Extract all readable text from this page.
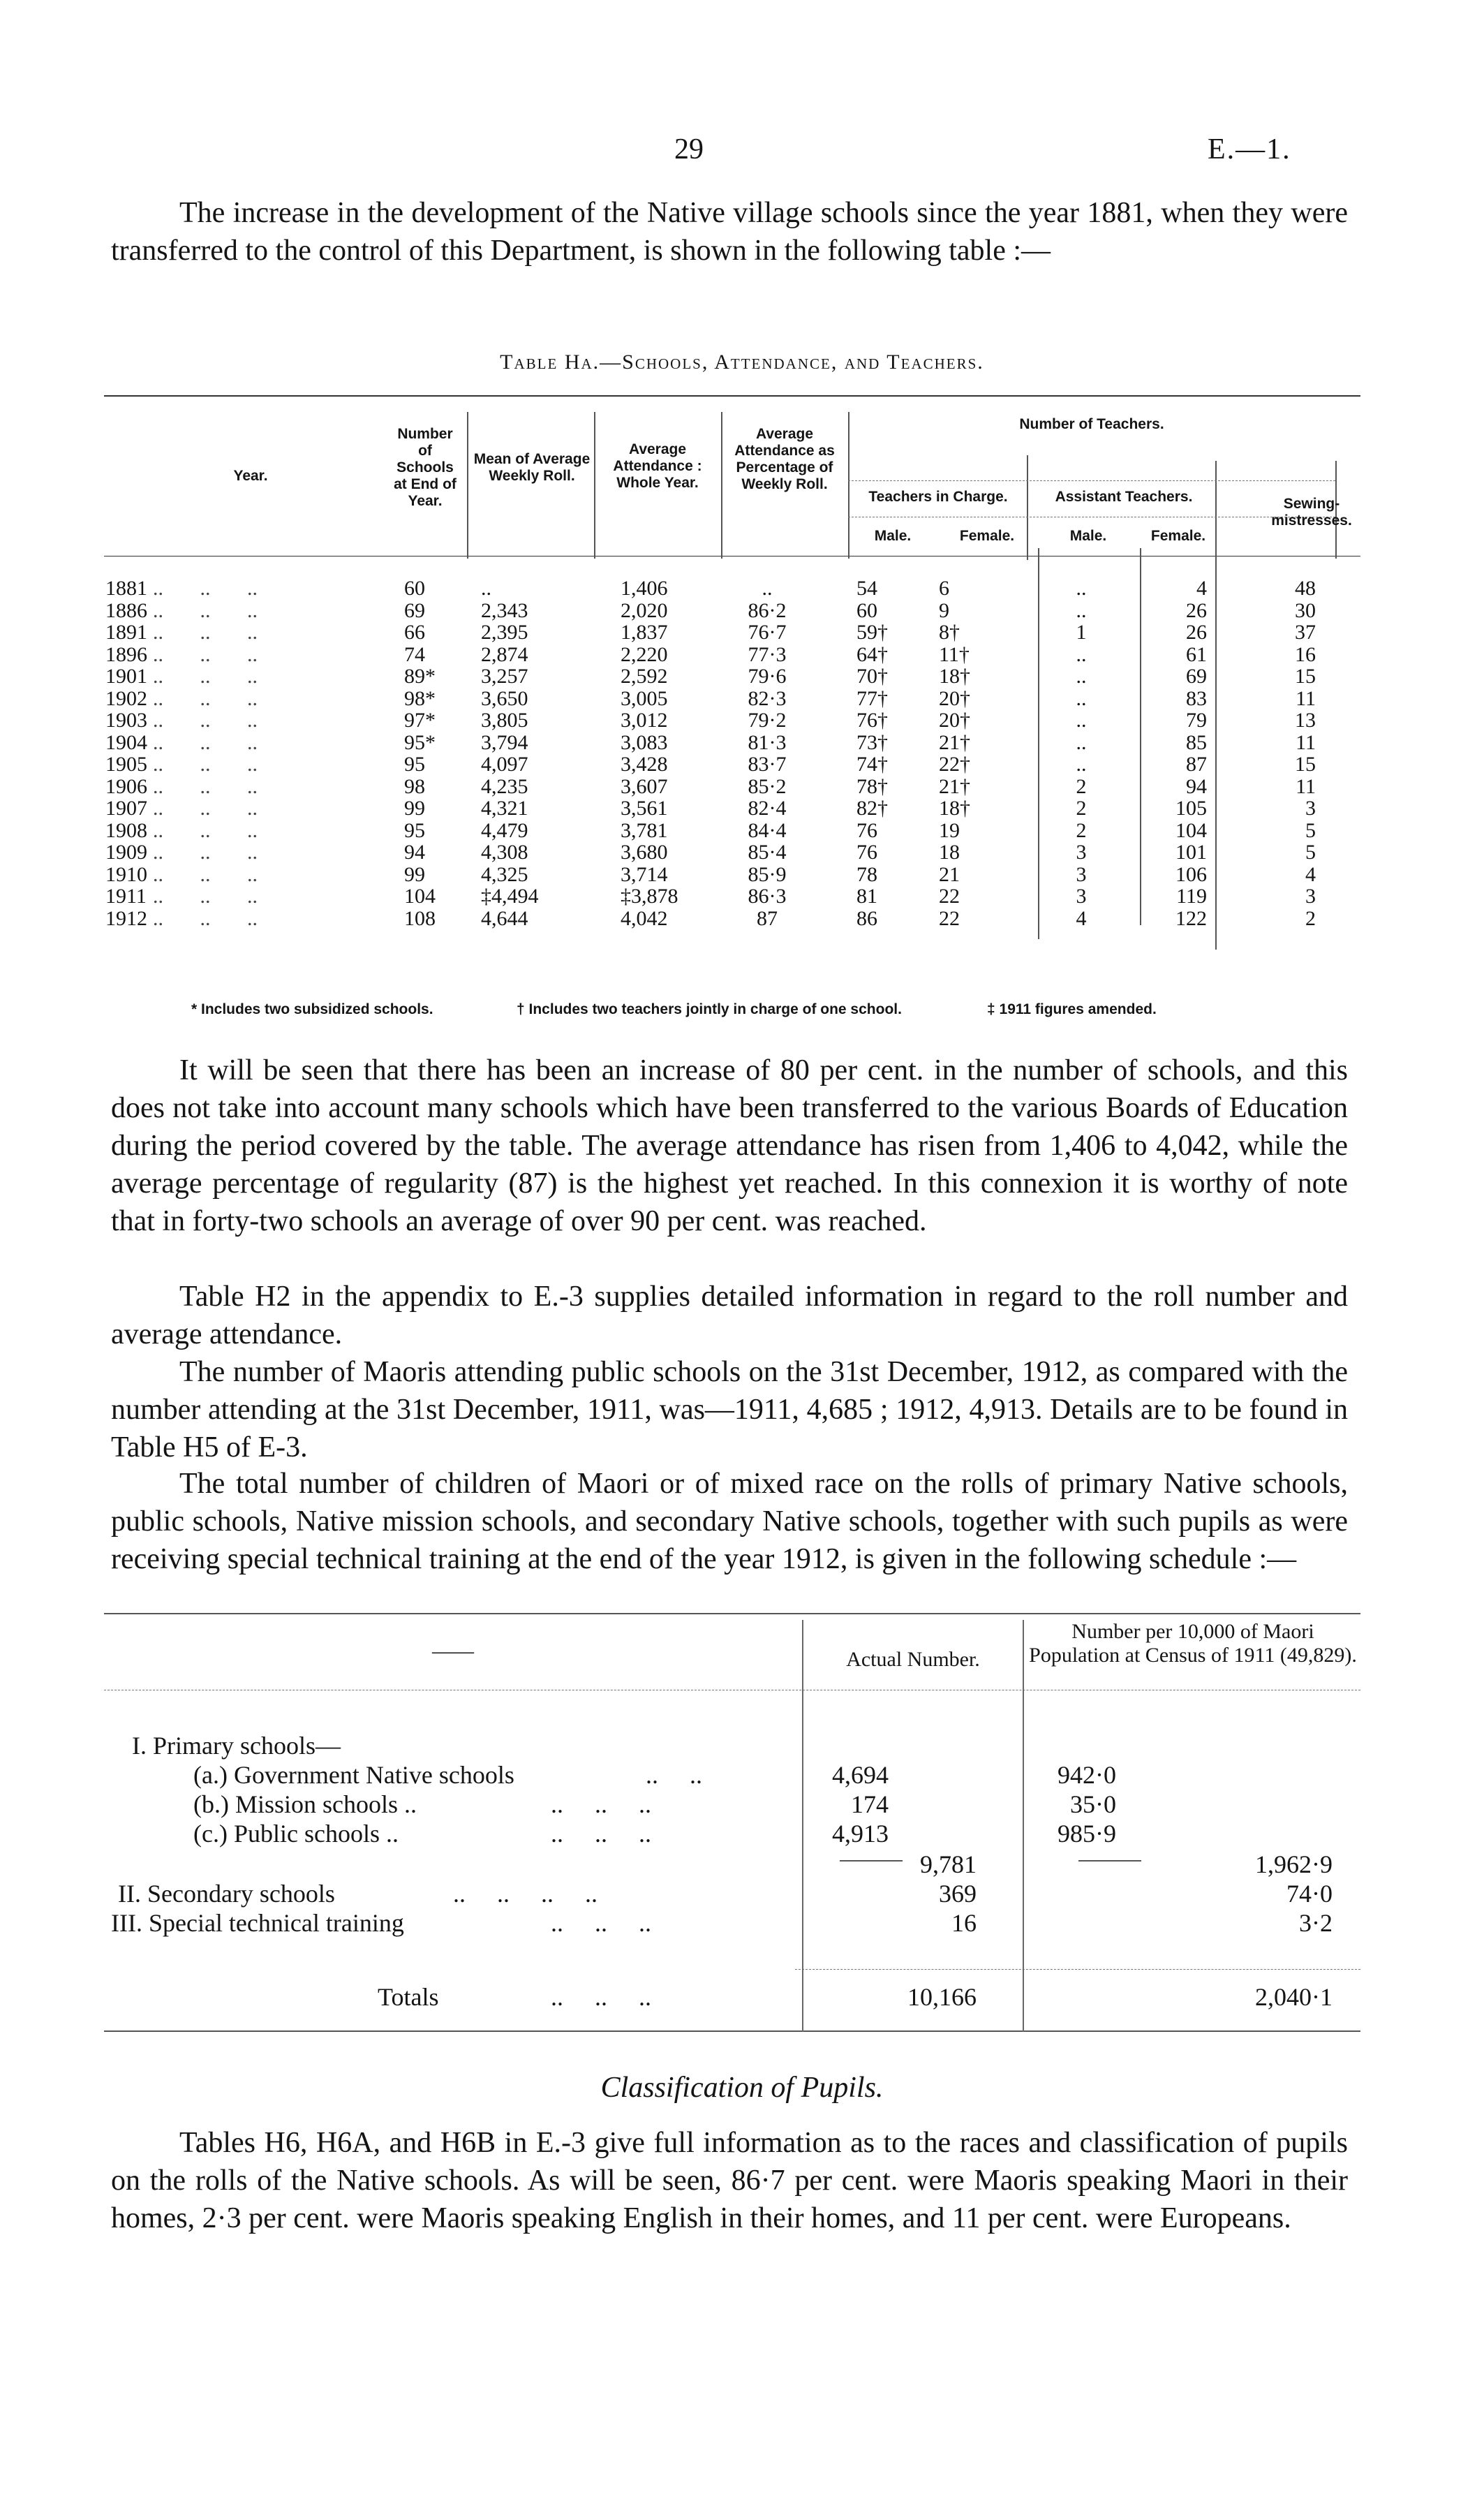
29	E.—1.

The increase in the development of the Native village schools since the year 1881, when they were transferred to the control of this Department, is shown in the following table :—

Table Ha.—Schools, Attendance, and Teachers.
Year.
Number of Schools at End of Year.
Mean of Average Weekly Roll.
Average Attendance : Whole Year.
Average Attendance as Percentage of Weekly Roll.
Number of Teachers.
Teachers in Charge.	Assistant Teachers.
Male.	Female.	Male.	Female.
Sewing-mistresses.
1881	60	..	1,406	..	54	6	..	4	48
..       ..       ..
1886	69	2,343	2,020	86·2	60	9	..	26	30
..       ..       ..
1891	66	2,395	1,837	76·7	59†	8†	1	26	37
..       ..       ..
1896	74	2,874	2,220	77·3	64†	11†	..	61	16
..       ..       ..
1901	89*	3,257	2,592	79·6	70†	18†	..	69	15
..       ..       ..
1902	98*	3,650	3,005	82·3	77†	20†	..	83	11
..       ..       ..
1903	97*	3,805	3,012	79·2	76†	20†	..	79	13
..       ..       ..
1904	95*	3,794	3,083	81·3	73†	21†	..	85	11
..       ..       ..
1905	95	4,097	3,428	83·7	74†	22†	..	87	15
..       ..       ..
1906	98	4,235	3,607	85·2	78†	21†	2	94	11
..       ..       ..
1907	99	4,321	3,561	82·4	82†	18†	2	105	3
..       ..       ..
1908	95	4,479	3,781	84·4	76	19	2	104	5
..       ..       ..
1909	94	4,308	3,680	85·4	76	18	3	101	5
..       ..       ..
1910	99	4,325	3,714	85·9	78	21	3	106	4
..       ..       ..
1911	104	‡4,494	‡3,878	86·3	81	22	3	119	3
..       ..       ..
1912	108	4,644	4,042	87	86	22	4	122	2
..       ..       ..
* Includes two subsidized schools.	† Includes two teachers jointly in charge of one school.	‡ 1911 figures amended.

It will be seen that there has been an increase of 80 per cent. in the number of schools, and this does not take into account many schools which have been transferred to the various Boards of Education during the period covered by the table. The average attendance has risen from 1,406 to 4,042, while the average percentage of regularity (87) is the highest yet reached. In this connexion it is worthy of note that in forty-two schools an average of over 90 per cent. was reached.

Table H2 in the appendix to E.-3 supplies detailed information in regard to the roll number and average attendance.

The number of Maoris attending public schools on the 31st December, 1912, as compared with the number attending at the 31st December, 1911, was—1911, 4,685 ; 1912, 4,913. Details are to be found in Table H5 of E-3.

The total number of children of Maori or of mixed race on the rolls of primary Native schools, public schools, Native mission schools, and secondary Native schools, together with such pupils as were receiving special technical training at the end of the year 1912, is given in the following schedule :—

——	Actual Number.
Number per 10,000 of Maori Population at Census of 1911 (49,829).
I. Primary schools—
(a.) Government Native schools	..     ..	4,694	942·0
(b.) Mission schools ..	..     ..     ..	174	35·0
(c.) Public schools ..	..     ..     ..	4,913	985·9
9,781	1,962·9
II. Secondary schools	..     ..     ..     ..	369	74·0
III. Special technical training	..     ..     ..	16	3·2
Totals	..     ..     ..	10,166	2,040·1
Classification of Pupils.

Tables H6, H6A, and H6B in E.-3 give full information as to the races and classification of pupils on the rolls of the Native schools. As will be seen, 86·7 per cent. were Maoris speaking Maori in their homes, 2·3 per cent. were Maoris speaking English in their homes, and 11 per cent. were Europeans.
